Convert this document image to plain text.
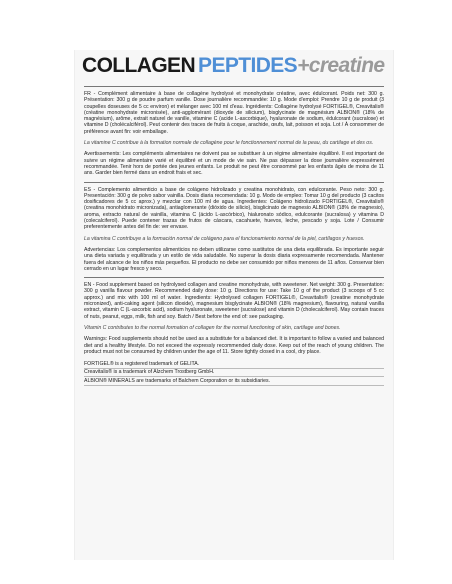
COLLAGEN PEPTIDES+creatine

FR - Complément alimentaire à base de collagène hydrolysé et monohydrate créatine, avec édulcorant. Poids net: 300 g. Présentation: 300 g de poudre parfum vanille. Dose journalière recommandée: 10 g. Mode d'emploi: Prendre 10 g de produit (3 coupelles doseuses de 5 cc environ) et mélanger avec 100 ml d'eau. Ingrédients: Collagène hydrolysé FORTIGEL®, Creavitalis® (créatine monohydrate micronisée), anti-agglomérant (dioxyde de silicium), bisglycinate de magnésium ALBION® (18% de magnésium), arôme, extrait naturel de vanille, vitamine C (acide L-ascorbique), hyaluronate de sodium, édulcorant (sucralose) et vitamine D (cholécalciférol). Peut contenir des traces de fruits à coque, arachide, œufs, lait, poisson et soja. Lot / À consommer de préférence avant fin: voir emballage.

La vitamine C contribue à la formation normale de collagène pour le fonctionnement normal de la peau, du cartilage et des os.

Avertissements: Les compléments alimentaires ne doivent pas se substituer à un régime alimentaire équilibré. Il est important de suivre un régime alimentaire varié et équilibré et un mode de vie sain. Ne pas dépasser la dose journalière expressément recommandée. Tenir hors de portée des jeunes enfants. Le produit ne peut être consommé par les enfants âgés de moins de 11 ans. Garder bien fermé dans un endroit frais et sec.

ES - Complemento alimenticio a base de colágeno hidrolizado y creatina monohidrato, con edulcorante. Peso neto: 300 g. Presentación: 300 g de polvo sabor vainilla. Dosis diaria recomendada: 10 g. Modo de empleo: Tomar 10 g del producto (3 cacitos dosificadores de 5 cc aprox.) y mezclar con 100 ml de agua. Ingredientes: Colágeno hidrolizado FORTIGEL®, Creavitalis® (creatina monohidrato micronizada), antiaglomerante (dióxido de silicio), bisglicinato de magnesio ALBION® (18% de magnesio), aroma, extracto natural de vainilla, vitamina C (ácido L-ascórbico), hialuronato sódico, edulcorante (sucralosa) y vitamina D (colecalciferol). Puede contener trazas de frutos de cáscara, cacahuete, huevos, leche, pescado y soja. Lote / Consumir preferentemente antes del fin de: ver envase.

La vitamina C contribuye a la formación normal de colágeno para el funcionamiento normal de la piel, cartílagos y huesos.

Advertencias: Los complementos alimenticios no deben utilizarse como sustitutos de una dieta equilibrada. Es importante seguir una dieta variada y equilibrada y un estilo de vida saludable. No superar la dosis diaria expresamente recomendada. Mantener fuera del alcance de los niños más pequeños. El producto no debe ser consumido por niños menores de 11 años. Conservar bien cerrado en un lugar fresco y seco.

EN - Food supplement based on hydrolysed collagen and creatine monohydrate, with sweetener. Net weight: 300 g. Presentation: 300 g vanilla flavour powder. Recommended daily dose: 10 g. Directions for use: Take 10 g of the product (3 scoops of 5 cc approx.) and mix with 100 ml of water. Ingredients: Hydrolysed collagen FORTIGEL®, Creavitalis® (creatine monohydrate micronized), anti-caking agent (silicon dioxide), magnesium bisglycinate ALBION® (18% magnesium), flavouring, natural vanilla extract, vitamin C (L-ascorbic acid), sodium hyaluronate, sweetener (sucralose) and vitamin D (cholecalciferol). May contain traces of nuts, peanut, eggs, milk, fish and soy. Batch / Best before the end of: see packaging.

Vitamin C contributes to the normal formation of collagen for the normal functioning of skin, cartilage and bones.

Warnings: Food supplements should not be used as a substitute for a balanced diet. It is important to follow a varied and balanced diet and a healthy lifestyle. Do not exceed the expressly recommended daily dose. Keep out of the reach of young children. The product must not be consumed by children under the age of 11. Store tightly closed in a cool, dry place.

FORTIGEL® is a registered trademark of GELITA.
Creavitalis® is a trademark of Alzchem Trostberg GmbH.
ALBION® MINERALS are trademarks of Balchem Corporation or its subsidiaries.
